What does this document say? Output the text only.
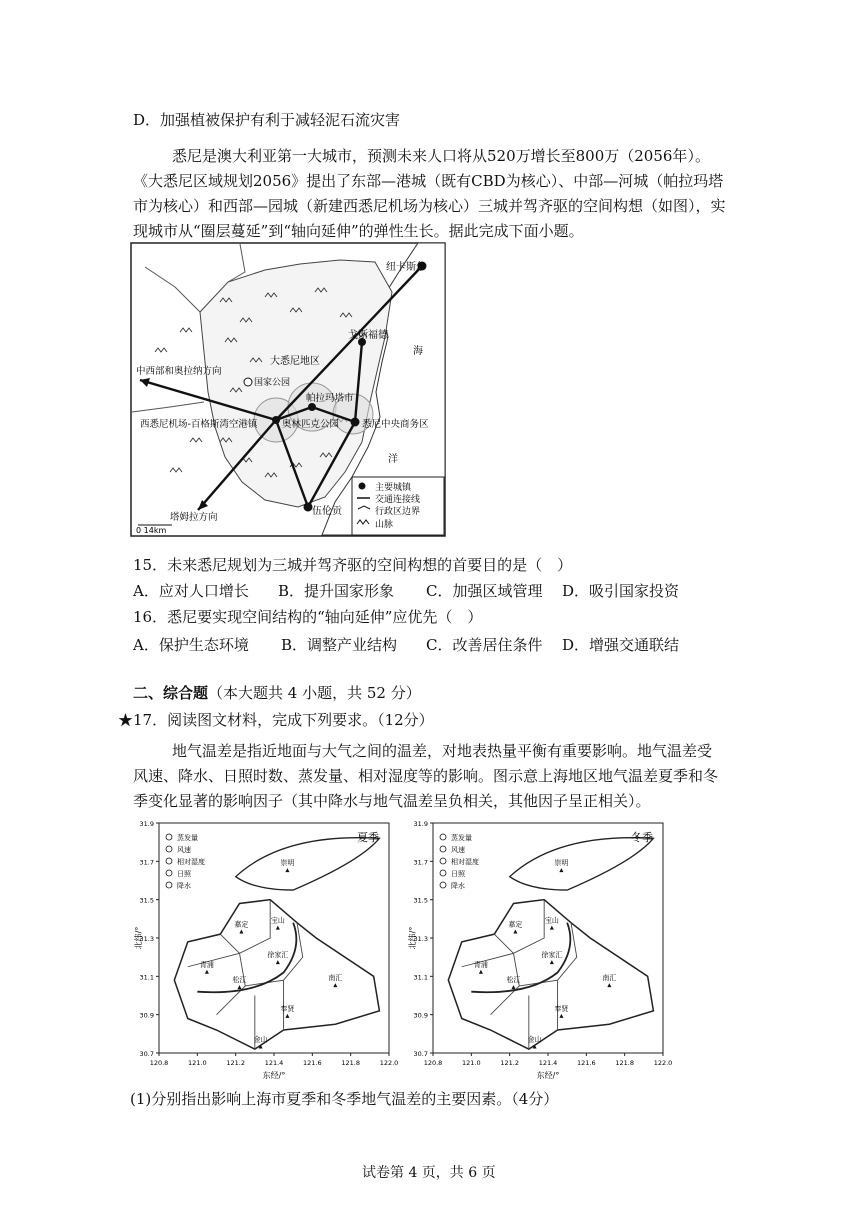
D．加强植被保护有利于减轻泥石流灾害
悉尼是澳大利亚第一大城市，预测未来人口将从520万增长至800万（2056年）。
《大悉尼区域规划2056》提出了东部—港城（既有CBD为核心）、中部—河城（帕拉玛塔
市为核心）和西部—园城（新建西悉尼机场为核心）三城并驾齐驱的空间构想（如图），实
现城市从“圈层蔓延”到“轴向延伸”的弹性生长。据此完成下面小题。
纽卡斯尔
戈斯福德
大悉尼地区
国家公园
中西部和奥拉纳方向
帕拉玛塔市
奥林匹克公园
西悉尼机场-百格斯湾空港镇	悉尼中央商务区
伍伦贡
塔姆拉方向
海
洋
0 14km
主要城镇
交通连接线
行政区边界
山脉
15．未来悉尼规划为三城并驾齐驱的空间构想的首要目的是（　）
A．应对人口增长 B．提升国家形象 C．加强区域管理 D．吸引国家投资
16．悉尼要实现空间结构的“轴向延伸”应优先（　）
A．保护生态环境 B．调整产业结构 C．改善居住条件 D．增强交通联结
二、综合题（本大题共 4 小题，共 52 分）
★17．阅读图文材料，完成下列要求。（12分）
地气温差是指近地面与大气之间的温差，对地表热量平衡有重要影响。地气温差受
风速、降水、日照时数、蒸发量、相对湿度等的影响。图示意上海地区地气温差夏季和冬
季变化显著的影响因子（其中降水与地气温差呈负相关，其他因子呈正相关）。
崇明
嘉定	宝山
青浦
松江	南汇
奉贤
金山
徐家汇
夏季
蒸发量
风速
相对湿度
日照
降水
31.9
31.7
31.5
31.3
31.1
30.9
30.7
120.8	121.0	121.2	121.4	121.6	121.8	122.0
北纬/°
东经/°
崇明
嘉定	宝山
青浦
松江	南汇
奉贤
金山
徐家汇
冬季
蒸发量
风速
相对湿度
日照
降水
31.9
31.7
31.5
31.3
31.1
30.9
30.7
120.8	121.0	121.2	121.4	121.6	121.8	122.0
北纬/°
东经/°
(1)分别指出影响上海市夏季和冬季地气温差的主要因素。（4分）
试卷第 4 页，共 6 页
